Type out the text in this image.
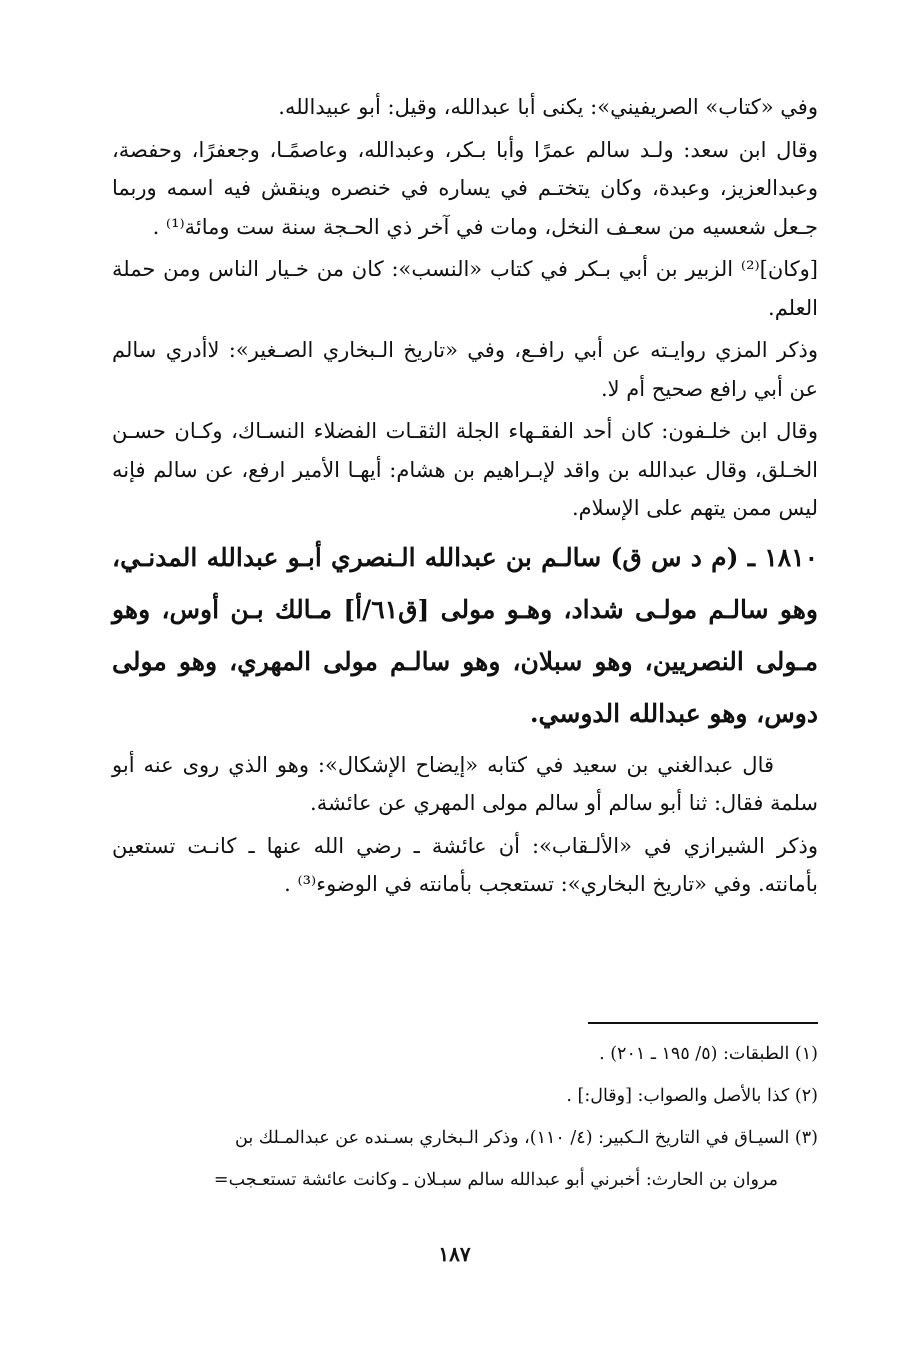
وفي «كتاب» الصريفيني»: يكنى أبا عبدالله، وقيل: أبو عبيدالله.

وقال ابن سعد: ولـد سالم عمرًا وأبا بـكر، وعبدالله، وعاصمًـا، وجعفرًا، وحفصة، وعبدالعزيز، وعبدة، وكان يتختـم في يساره في خنصره وينقش فيه اسمه وربما جـعل شعسيه من سعـف النخل، ومات في آخر ذي الحـجة سنة ست ومائة⁽¹⁾ .

[وكان]⁽²⁾ الزبير بن أبي بـكر في كتاب «النسب»: كان من خـيار الناس ومن حملة العلم.

وذكر المزي روايـته عن أبي رافـع، وفي «تاريخ الـبخاري الصـغير»: لاأدري سالم عن أبي رافع صحيح أم لا.

وقال ابن خلـفون: كان أحد الفقـهاء الجلة الثقـات الفضلاء النسـاك، وكـان حسـن الخـلق، وقال عبدالله بن واقد لإبـراهيم بن هشام: أيهـا الأمير ارفع، عن سالم فإنه ليس ممن يتهم على الإسلام.

١٨١٠ ـ (م د س ق) سالـم بن عبدالله الـنصري أبـو عبدالله المدنـي، وهو سالـم مولـى شداد، وهـو مولى [ق٦١/أ] مـالك بـن أوس، وهو مـولى النصريين، وهو سبلان، وهو سالـم مولى المهري، وهو مولى دوس، وهو عبدالله الدوسي.

قال عبدالغني بن سعيد في كتابه «إيضاح الإشكال»: وهو الذي روى عنه أبو سلمة فقال: ثنا أبو سالم أو سالم مولى المهري عن عائشة.

وذكر الشيرازي في «الألـقاب»: أن عائشة ـ رضي الله عنها ـ كانـت تستعين بأمانته. وفي «تاريخ البخاري»: تستعجب بأمانته في الوضوء⁽³⁾ .

(١) الطبقات: (٥/ ١٩٥ ـ ٢٠١) .

(٢) كذا بالأصل والصواب: [وقال:] .

(٣) السيـاق في التاريخ الـكبير: (٤/ ١١٠)، وذكر الـبخاري بسـنده عن عبدالمـلك بن

مروان بن الحارث: أخبرني أبو عبدالله سالم سبـلان ـ وكانت عائشة تستعـجب=

١٨٧
